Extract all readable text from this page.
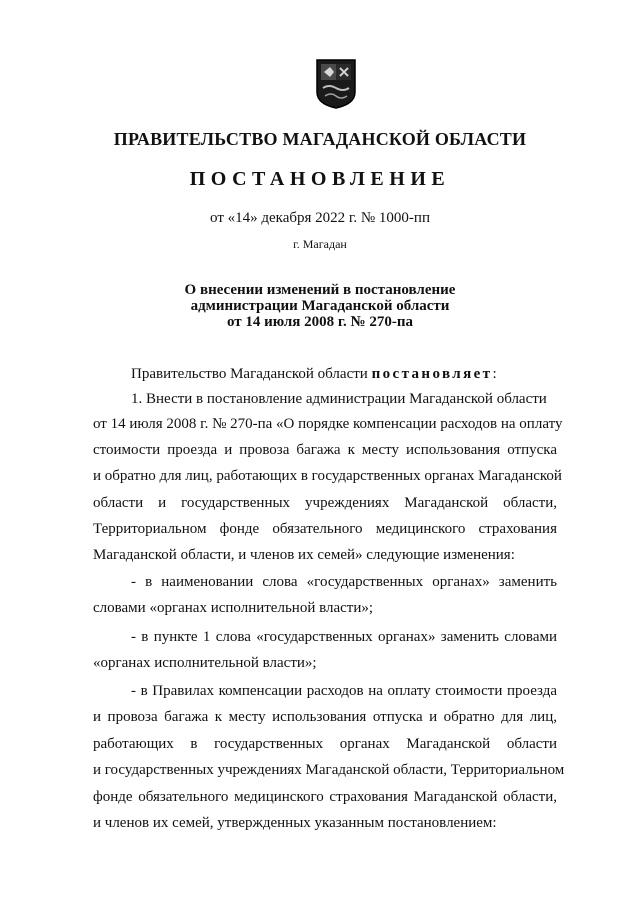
ПРАВИТЕЛЬСТВО МАГАДАНСКОЙ ОБЛАСТИ
ПОСТАНОВЛЕНИЕ
от «14» декабря 2022 г. № 1000-пп
г. Магадан
О внесении изменений в постановление
администрации Магаданской области
от 14 июля 2008 г. № 270-па
Правительство Магаданской области постановляет:
1. Внести в постановление администрации Магаданской области
от 14 июля 2008 г. № 270-па «О порядке компенсации расходов на оплату
стоимости проезда и провоза багажа к месту использования отпуска
и обратно для лиц, работающих в государственных органах Магаданской
области и государственных учреждениях Магаданской области,
Территориальном фонде обязательного медицинского страхования
Магаданской области, и членов их семей» следующие изменения:
- в наименовании слова «государственных органах» заменить
словами «органах исполнительной власти»;
- в пункте 1 слова «государственных органах» заменить словами
«органах исполнительной власти»;
- в Правилах компенсации расходов на оплату стоимости проезда
и провоза багажа к месту использования отпуска и обратно для лиц,
работающих в государственных органах Магаданской области
и государственных учреждениях Магаданской области, Территориальном
фонде обязательного медицинского страхования Магаданской области,
и членов их семей, утвержденных указанным постановлением:
